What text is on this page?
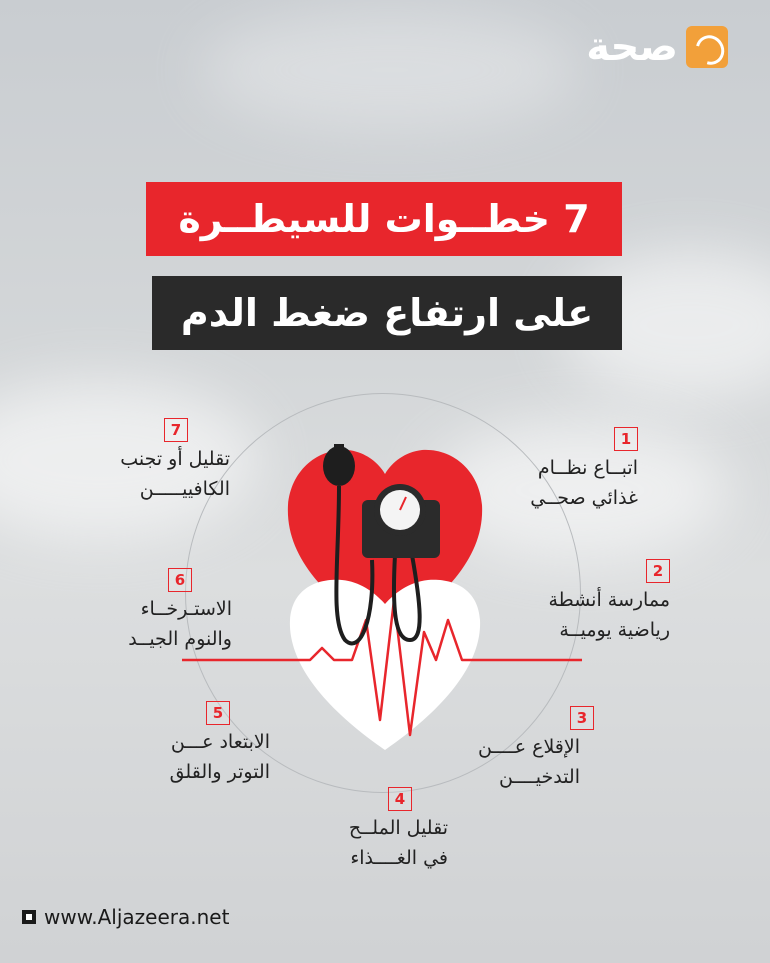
صحة
7 خطــوات للسيطــرة
على ارتفاع ضغط الدم
1
اتبــاع نظــام
غذائي صحــي
2
ممارسة أنشطة
رياضية يوميــة
3
الإقلاع عــــن
التدخيــــن
4
تقليل الملــح
في الغــــذاء
5
الابتعاد عـــن
التوتر والقلق
6
الاستـرخــاء
والنوم الجيــد
7
تقليل أو تجنب
الكافييـــــن
www.Aljazeera.net
